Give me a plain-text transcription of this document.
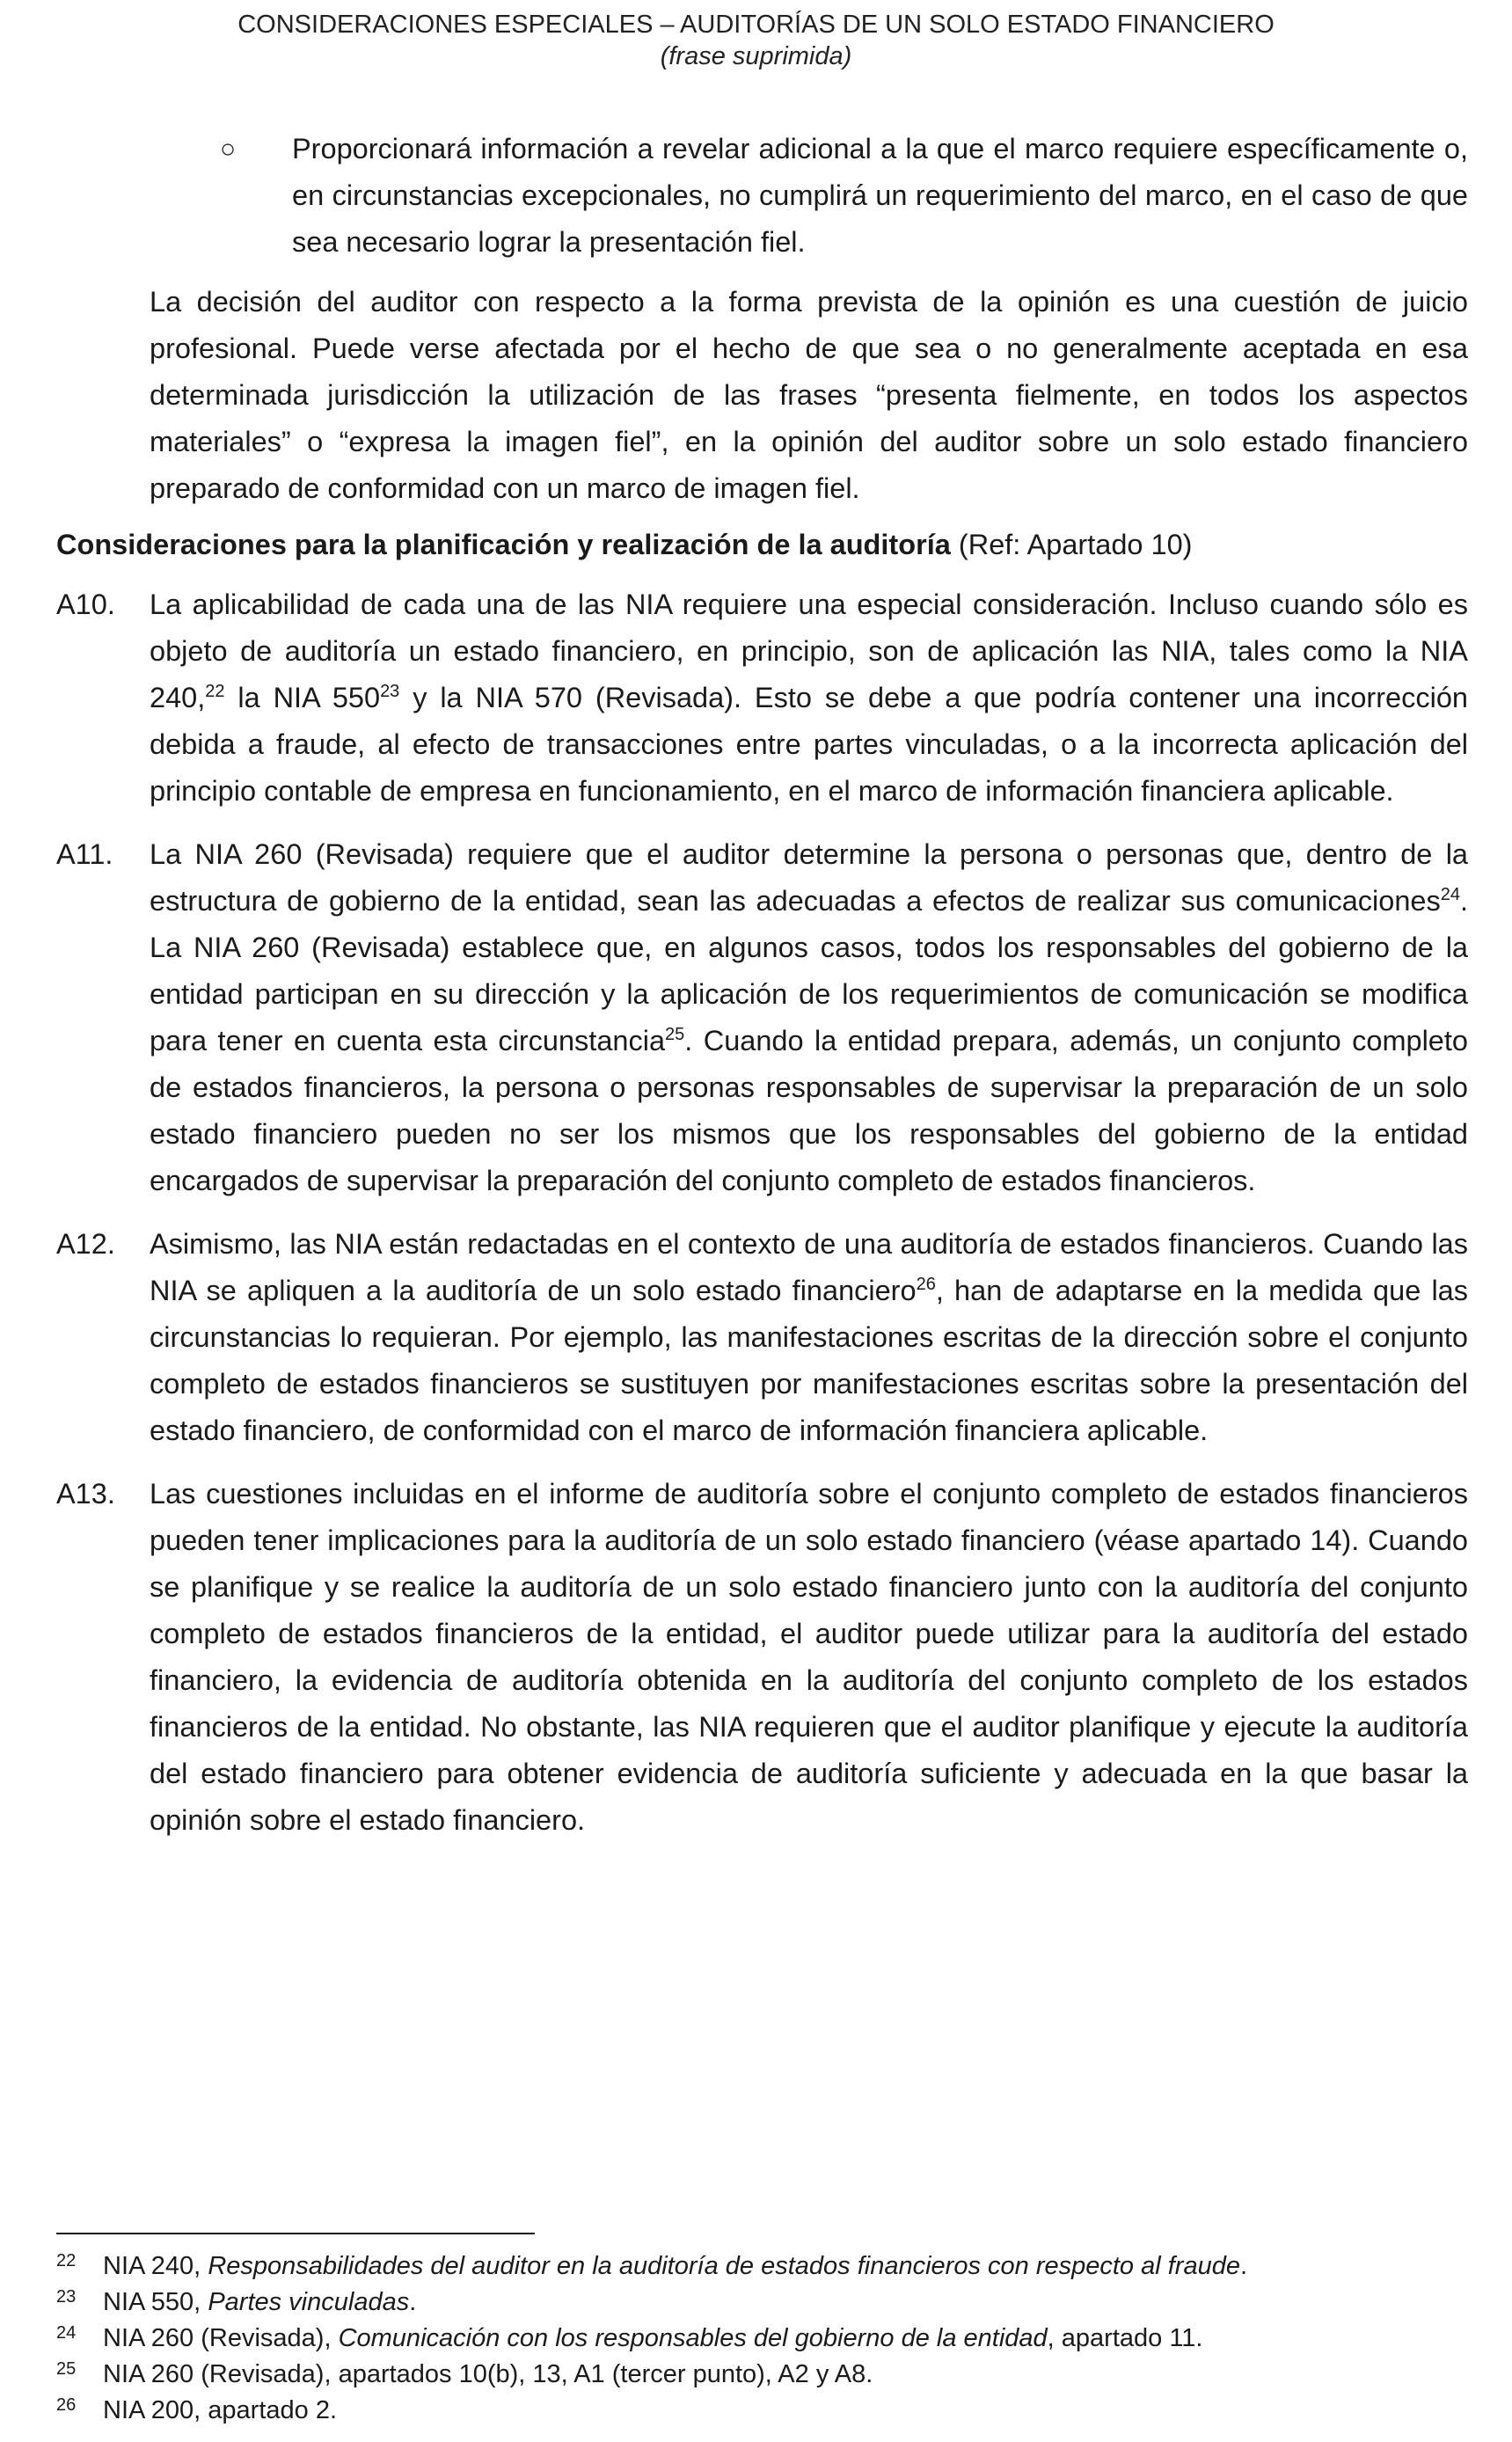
CONSIDERACIONES ESPECIALES – AUDITORÍAS DE UN SOLO ESTADO FINANCIERO
(frase suprimida)
○ Proporcionará información a revelar adicional a la que el marco requiere específicamente o, en circunstancias excepcionales, no cumplirá un requerimiento del marco, en el caso de que sea necesario lograr la presentación fiel.
La decisión del auditor con respecto a la forma prevista de la opinión es una cuestión de juicio profesional. Puede verse afectada por el hecho de que sea o no generalmente aceptada en esa determinada jurisdicción la utilización de las frases “presenta fielmente, en todos los aspectos materiales” o “expresa la imagen fiel”, en la opinión del auditor sobre un solo estado financiero preparado de conformidad con un marco de imagen fiel.
Consideraciones para la planificación y realización de la auditoría (Ref: Apartado 10)
A10. La aplicabilidad de cada una de las NIA requiere una especial consideración. Incluso cuando sólo es objeto de auditoría un estado financiero, en principio, son de aplicación las NIA, tales como la NIA 240,22 la NIA $550^{23}$ y la NIA 570 (Revisada). Esto se debe a que podría contener una incorrección debida a fraude, al efecto de transacciones entre partes vinculadas, o a la incorrecta aplicación del principio contable de empresa en funcionamiento, en el marco de información financiera aplicable.
A11. La NIA 260 (Revisada) requiere que el auditor determine la persona o personas que, dentro de la estructura de gobierno de la entidad, sean las adecuadas a efectos de realizar sus comunicaciones$^{24}$. La NIA 260 (Revisada) establece que, en algunos casos, todos los responsables del gobierno de la entidad participan en su dirección y la aplicación de los requerimientos de comunicación se modifica para tener en cuenta esta circunstancia$^{25}$. Cuando la entidad prepara, además, un conjunto completo de estados financieros, la persona o personas responsables de supervisar la preparación de un solo estado financiero pueden no ser los mismos que los responsables del gobierno de la entidad encargados de supervisar la preparación del conjunto completo de estados financieros.
A12. Asimismo, las NIA están redactadas en el contexto de una auditoría de estados financieros. Cuando las NIA se apliquen a la auditoría de un solo estado financiero$^{26}$, han de adaptarse en la medida que las circunstancias lo requieran. Por ejemplo, las manifestaciones escritas de la dirección sobre el conjunto completo de estados financieros se sustituyen por manifestaciones escritas sobre la presentación del estado financiero, de conformidad con el marco de información financiera aplicable.
A13. Las cuestiones incluidas en el informe de auditoría sobre el conjunto completo de estados financieros pueden tener implicaciones para la auditoría de un solo estado financiero (véase apartado 14). Cuando se planifique y se realice la auditoría de un solo estado financiero junto con la auditoría del conjunto completo de estados financieros de la entidad, el auditor puede utilizar para la auditoría del estado financiero, la evidencia de auditoría obtenida en la auditoría del conjunto completo de los estados financieros de la entidad. No obstante, las NIA requieren que el auditor planifique y ejecute la auditoría del estado financiero para obtener evidencia de auditoría suficiente y adecuada en la que basar la opinión sobre el estado financiero.
22 NIA 240, Responsabilidades del auditor en la auditoría de estados financieros con respecto al fraude.
23 NIA 550, Partes vinculadas.
24 NIA 260 (Revisada), Comunicación con los responsables del gobierno de la entidad, apartado 11.
25 NIA 260 (Revisada), apartados 10(b), 13, A1 (tercer punto), A2 y A8.
26 NIA 200, apartado 2.
